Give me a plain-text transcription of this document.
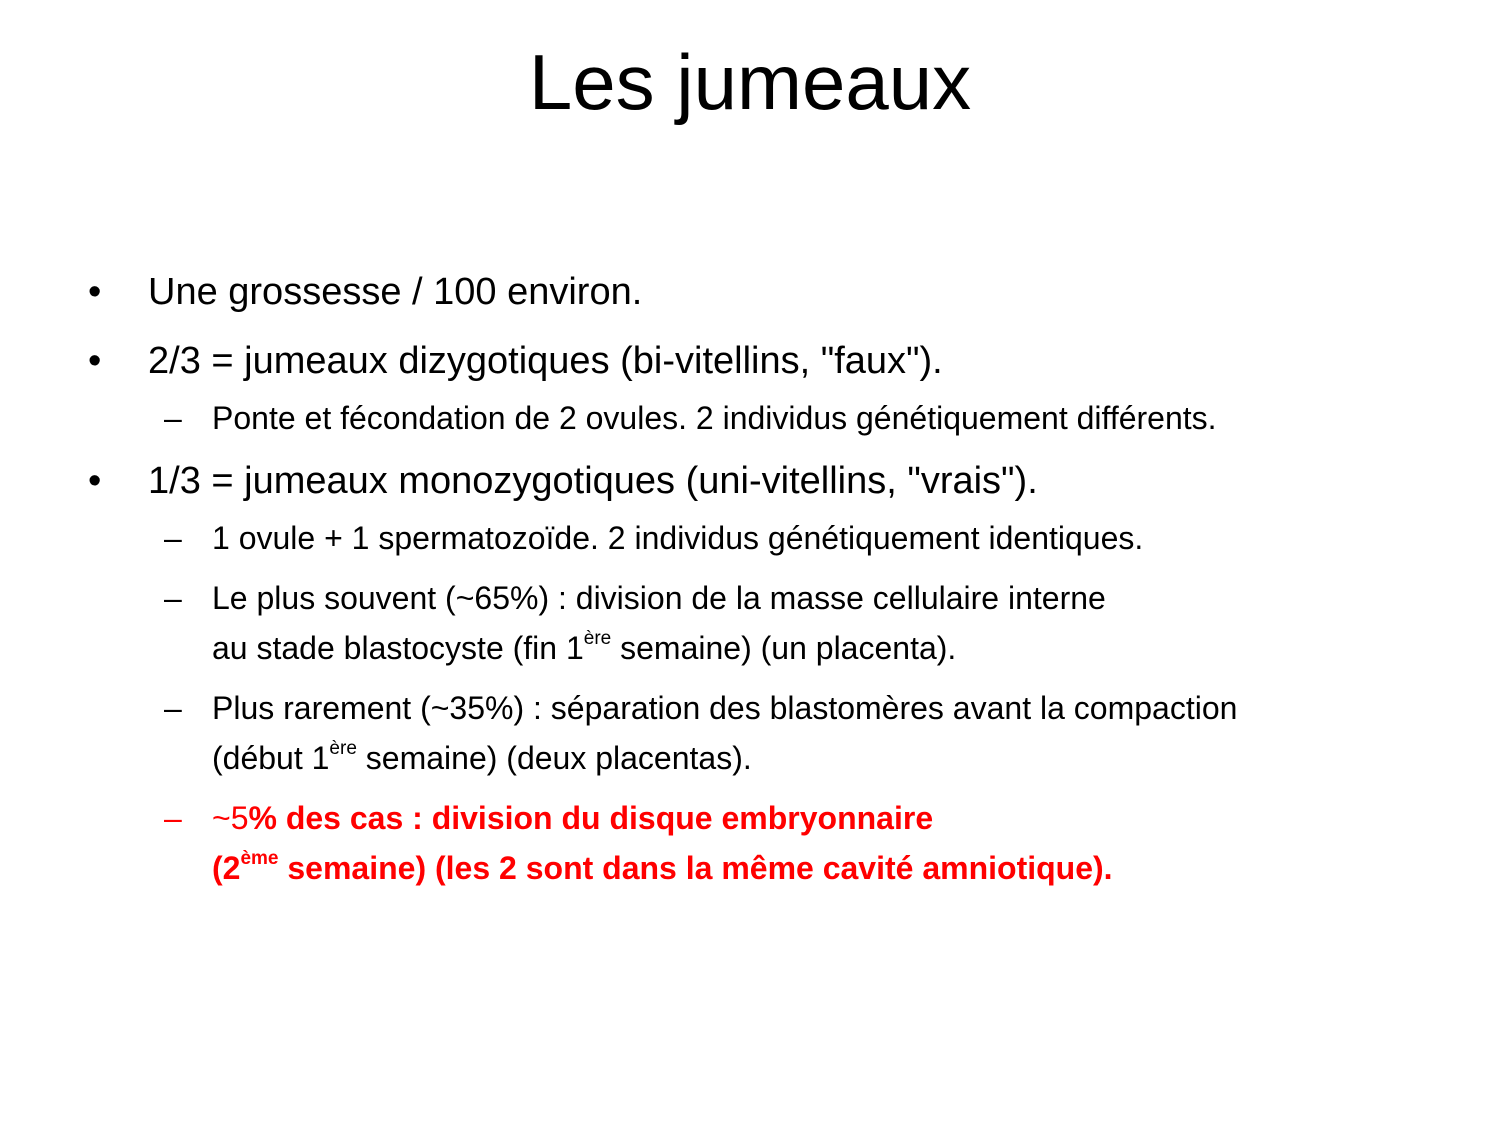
Les jumeaux

• Une grossesse / 100 environ.

• 2/3 = jumeaux dizygotiques (bi-vitellins, "faux").

– Ponte et fécondation de 2 ovules. 2 individus génétiquement différents.

• 1/3 = jumeaux monozygotiques (uni-vitellins, "vrais").

– 1 ovule + 1 spermatozoïde. 2 individus génétiquement identiques.

– Le plus souvent (~65%) : division de la masse cellulaire interne
au stade blastocyste (fin 1ère semaine) (un placenta).

– Plus rarement (~35%) : séparation des blastomères avant la compaction
(début 1ère semaine) (deux placentas).

– ~5% des cas : division du disque embryonnaire
(2ème semaine) (les 2 sont dans la même cavité amniotique).
